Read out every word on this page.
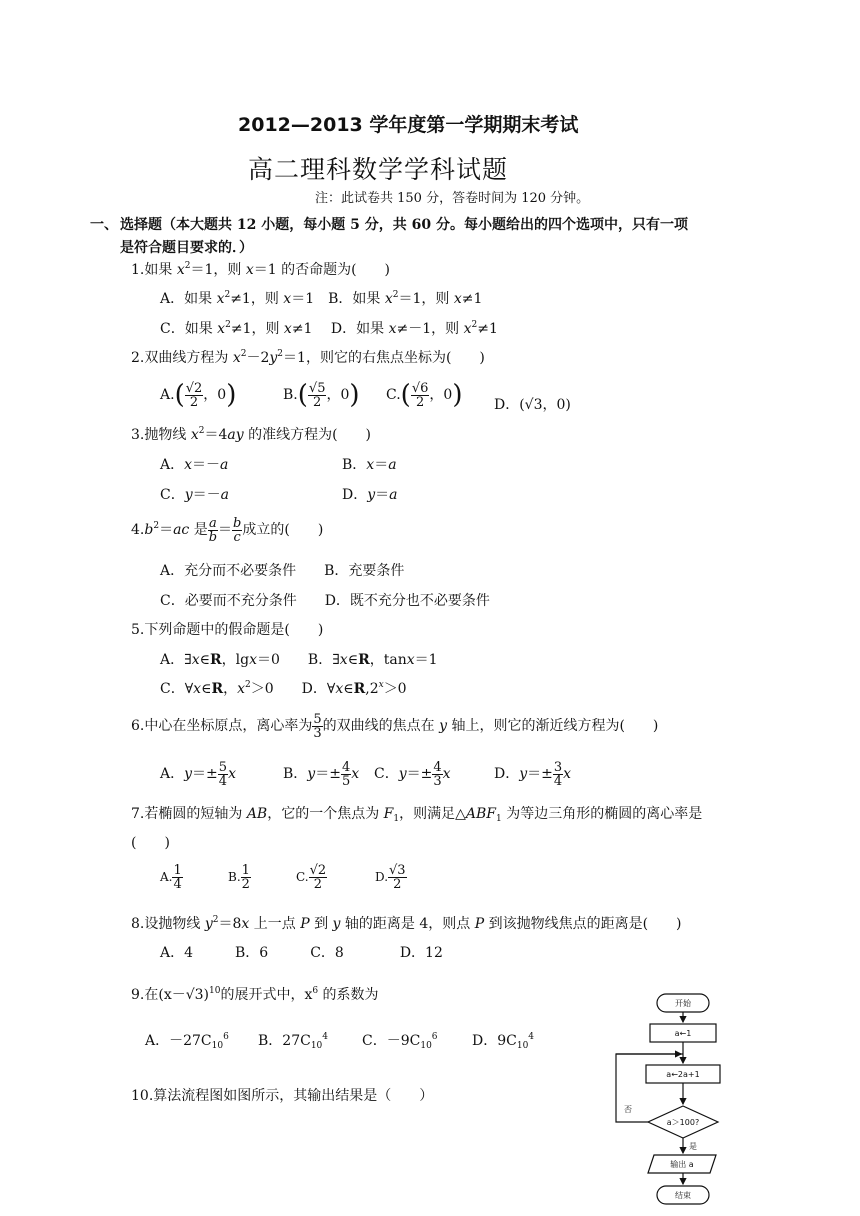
2012—2013 学年度第一学期期末考试
高二理科数学学科试题
注：此试卷共 150 分，答卷时间为 120 分钟。
一、 选择题（本大题共 12 小题，每小题 5 分，共 60 分。每小题给出的四个选项中，只有一项
是符合题目要求的．）
1.如果 $x^2=1$，则 x＝1 的否命题为(　　)
A．如果 $x^2\ne 1$，则 x＝1　B．如果 $x^2=1$，则 x≠1
C．如果 $x^2\ne 1$，则 x≠1　 D．如果 x≠－1，则 $x^2\ne 1$
2.双曲线方程为 $x^2-2y^2=1$，则它的右焦点坐标为(　　)
$A.( \frac{√2}{2}$ ，0)	$B.( \frac{√5}{2}$ ，0) $C.( \frac{√6}{2}$ ，0) D．(√3，0)
3.抛物线 $x^2=4ay$ 的准线方程为(　　)
A．x＝－a	B．x＝a
C．y＝－a	D．y＝a
$4.b^2=ac$ 是 $\frac{a}{b} = \frac{b}{c}$ 成立的(　　)
A．充分而不必要条件　　B．充要条件
C．必要而不充分条件　　D．既不充分也不必要条件
5.下列命题中的假命题是(　　)
A．∃x∈R，lgx＝0　　B．∃x∈R，tanx＝1
C．∀x∈R，$x^2>0$　　D．$\forall x\in R,2^x>0$
6.中心在坐标原点，离心率为 $\frac{5}{3}$ 的双曲线的焦点在 y 轴上，则它的渐近线方程为(　　)
A．$y=\pm \frac{5}{4}$ x	B．$y=\pm \frac{4}{5}$ x C．$y=\pm \frac{4}{3}$ x	D．$y=\pm \frac{3}{4}$ x
7.若椭圆的短轴为 AB，它的一个焦点为 $F_1$，则满足$\triangle ABF_1$ 为等边三角形的椭圆的离心率是
(　　)
A. $\frac{1}{4}$	B. $\frac{1}{2}$	C. $\frac{√2}{2}$	D. $\frac{√3}{2}$
8.设抛物线 $y^2=8x$ 上一点 P 到 y 轴的距离是 4，则点 P 到该抛物线焦点的距离是(　　)
A．4　　　B．6　　　C．8　　　　D．12
9.在$(x-√3)^{10}$的展开式中，$x^6$ 的系数为
A．$-27C_{10}^6$ B．$27C_{10}^4$ C．$-9C_{10}^6$ D．$9C_{10}^4$
10.算法流程图如图所示，其输出结果是（　　）
开始
a←1
a←2a+1
a＞100?
否
是
输出 a
结束
